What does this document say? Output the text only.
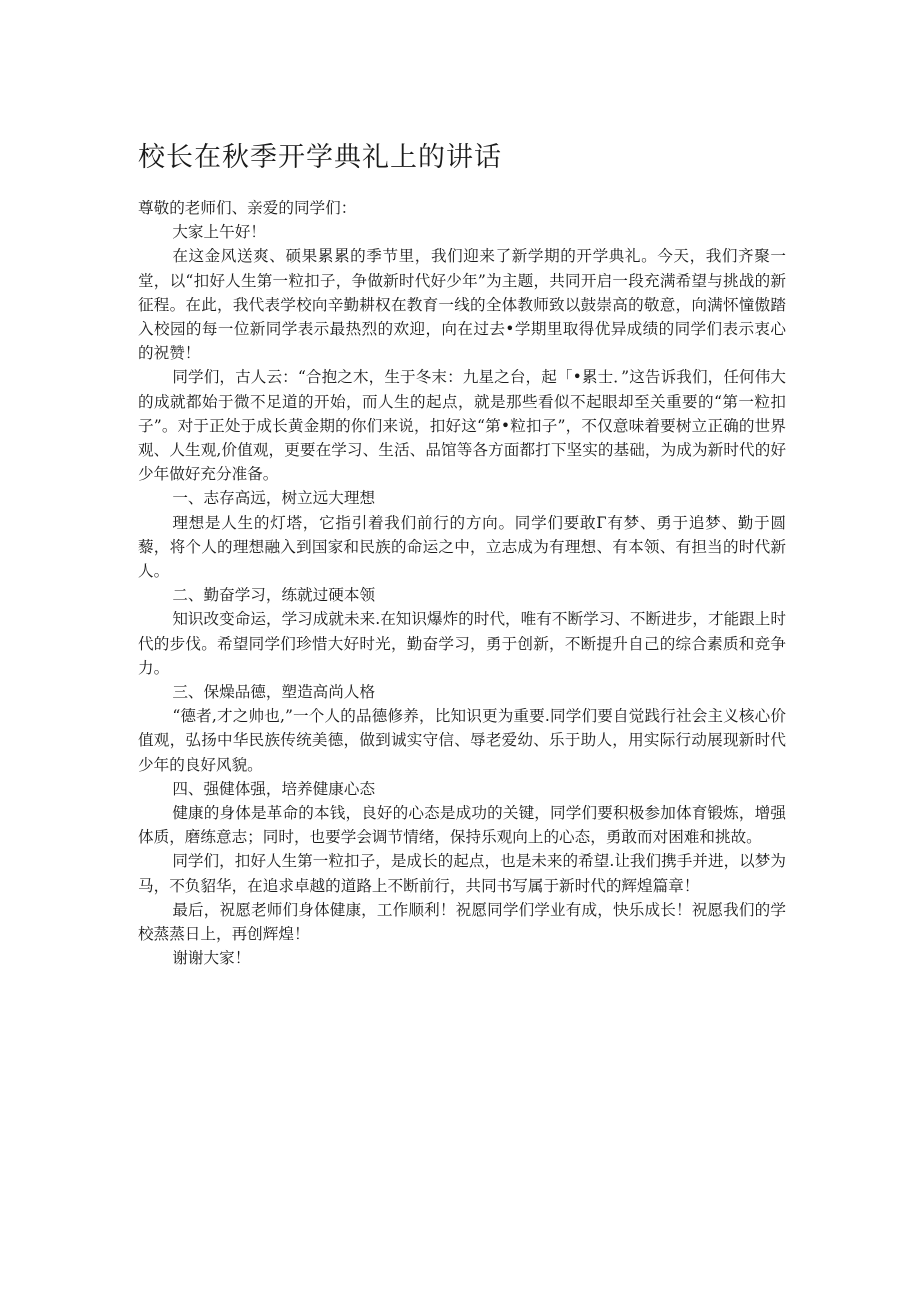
校长在秋季开学典礼上的讲话

尊敬的老师们、亲爱的同学们：

大家上午好！

在这金风送爽、硕果累累的季节里，我们迎来了新学期的开学典礼。今天，我们齐聚一堂，以“扣好人生第一粒扣子，争做新时代好少年”为主题，共同开启一段充满希望与挑战的新征程。在此，我代表学校向辛勤耕权在教育一线的全体教师致以鼓崇高的敬意，向满怀憧傲踏入校园的每一位新同学表示最热烈的欢迎，向在过去•学期里取得优异成绩的同学们表示衷心的祝赞！

同学们，古人云：“合抱之木，生于冬末：九星之台，起「•累士．”这告诉我们，任何伟大的成就都始于微不足道的开始，而人生的起点，就是那些看似不起眼却至关重要的“第一粒扣子”。对于正处于成长黄金期的你们来说，扣好这“第•粒扣子”，不仅意味着要树立正确的世界观、人生观,价值观，更要在学习、生活、品馆等各方面都打下坚实的基础，为成为新时代的好少年做好充分准备。

一、志存高远，树立远大理想

理想是人生的灯塔，它指引着我们前行的方向。同学们要敢Г有梦、勇于追梦、勤于圆藜，将个人的理想融入到国家和民族的命运之中，立志成为有理想、有本领、有担当的时代新人。

二、勤奋学习，练就过硬本领

知识改变命运，学习成就未来.在知识爆炸的时代，唯有不断学习、不断进步，才能跟上时代的步伐。希望同学们珍惜大好时光，勤奋学习，勇于创新，不断提升自己的综合素质和竞争力。

三、保燥品德，塑造高尚人格

“德者,才之帅也,”一个人的品德修养，比知识更为重要.同学们要自觉践行社会主义核心价值观，弘扬中华民族传统美德，做到诚实守信、辱老爱幼、乐于助人，用实际行动展现新时代少年的良好风貌。

四、强健体强，培养健康心态

健康的身体是革命的本钱，良好的心态是成功的关键，同学们要积极参加体育锻炼，增强体质，磨练意志；同时，也要学会调节情绪，保持乐观向上的心态，勇敢而对困难和挑故。

同学们，扣好人生第一粒扣子，是成长的起点，也是未来的希望.让我们携手并进，以梦为马，不负貂华，在追求卓越的道路上不断前行，共同书写属于新时代的辉煌篇章！

最后，祝愿老师们身体健康，工作顺利！祝愿同学们学业有成，快乐成长！祝愿我们的学校蒸蒸日上，再创辉煌！

谢谢大家！
